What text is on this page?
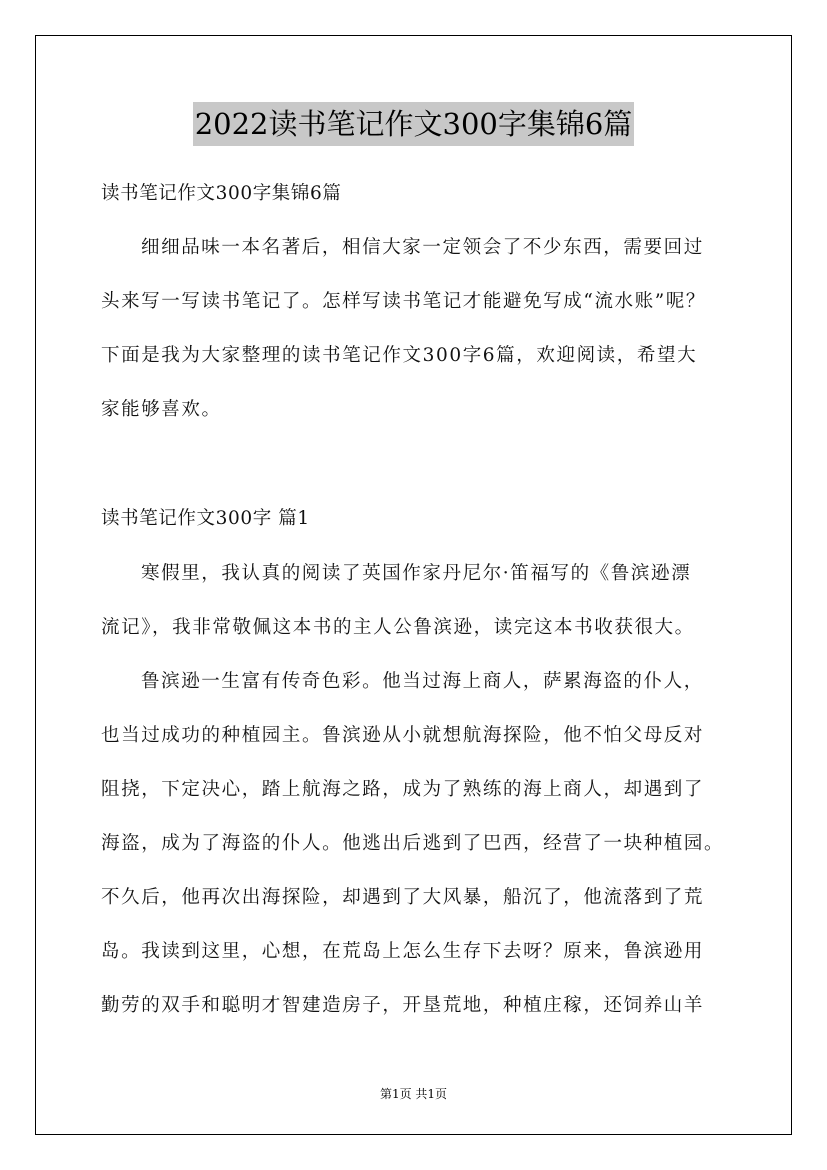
2022读书笔记作文300字集锦6篇
读书笔记作文300字集锦6篇
细细品味一本名著后，相信大家一定领会了不少东西，需要回过
头来写一写读书笔记了。怎样写读书笔记才能避免写成“流水账”呢？
下面是我为大家整理的读书笔记作文300字6篇，欢迎阅读，希望大
家能够喜欢。
读书笔记作文300字 篇1
寒假里，我认真的阅读了英国作家丹尼尔·笛福写的《鲁滨逊漂
流记》，我非常敬佩这本书的主人公鲁滨逊，读完这本书收获很大。
鲁滨逊一生富有传奇色彩。他当过海上商人，萨累海盗的仆人，
也当过成功的种植园主。鲁滨逊从小就想航海探险，他不怕父母反对
阻挠，下定决心，踏上航海之路，成为了熟练的海上商人，却遇到了
海盗，成为了海盗的仆人。他逃出后逃到了巴西，经营了一块种植园。
不久后，他再次出海探险，却遇到了大风暴，船沉了，他流落到了荒
岛。我读到这里，心想，在荒岛上怎么生存下去呀？原来，鲁滨逊用
勤劳的双手和聪明才智建造房子，开垦荒地，种植庄稼，还饲养山羊
第1页 共1页
